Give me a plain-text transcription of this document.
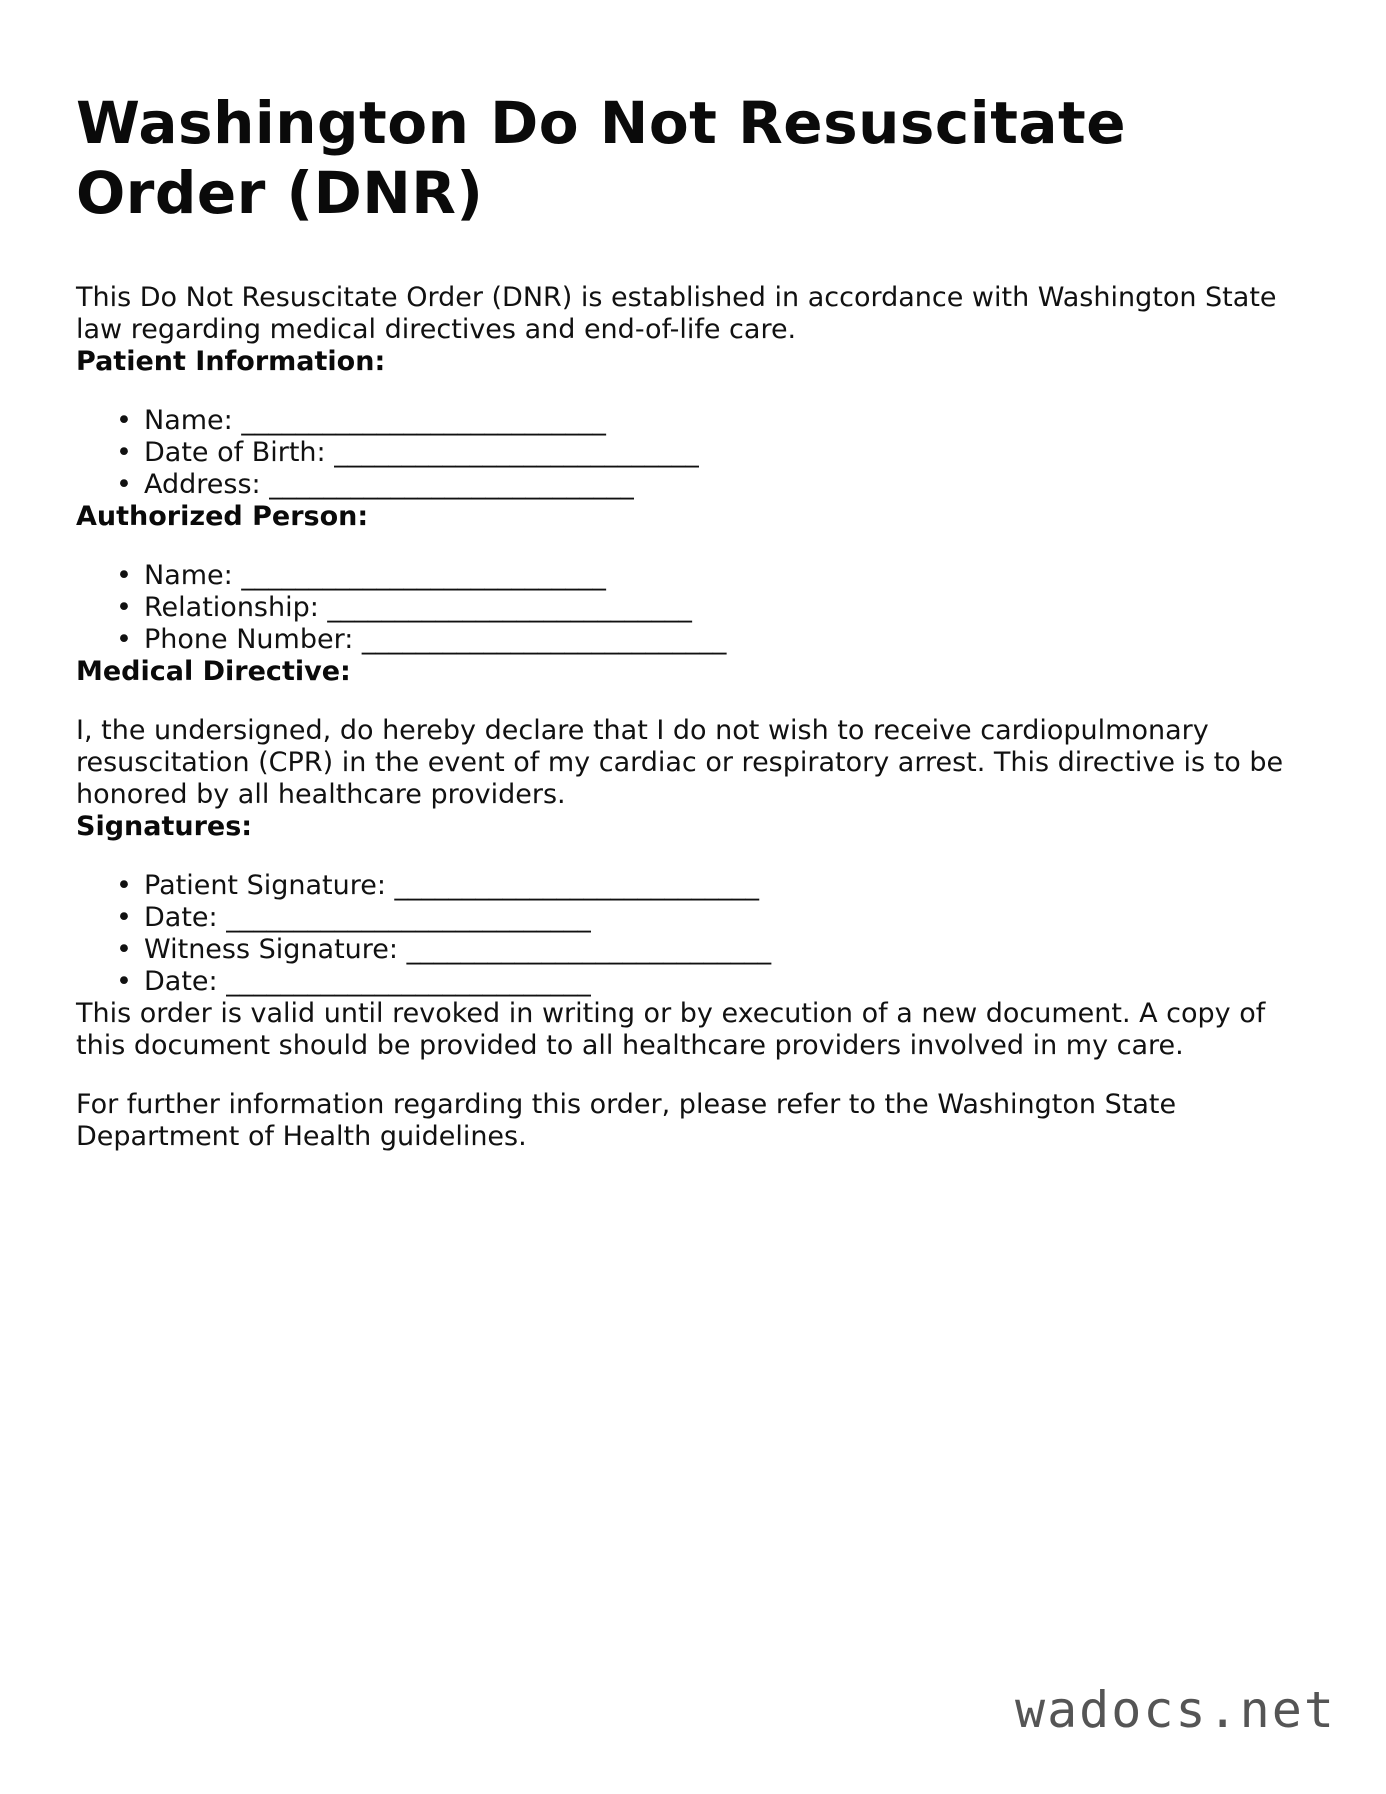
Washington Do Not Resuscitate Order (DNR)

This Do Not Resuscitate Order (DNR) is established in accordance with Washington State law regarding medical directives and end-of-life care.

Patient Information:
• Name: ___________________________
• Date of Birth: ___________________________
• Address: ___________________________
Authorized Person:
• Name: ___________________________
• Relationship: ___________________________
• Phone Number: ___________________________
Medical Directive:

I, the undersigned, do hereby declare that I do not wish to receive cardiopulmonary resuscitation (CPR) in the event of my cardiac or respiratory arrest. This directive is to be honored by all healthcare providers.

Signatures:
• Patient Signature: ___________________________
• Date: ___________________________
• Witness Signature: ___________________________
• Date: ___________________________

This order is valid until revoked in writing or by execution of a new document. A copy of this document should be provided to all healthcare providers involved in my care.

For further information regarding this order, please refer to the Washington State Department of Health guidelines.

wadocs.net
